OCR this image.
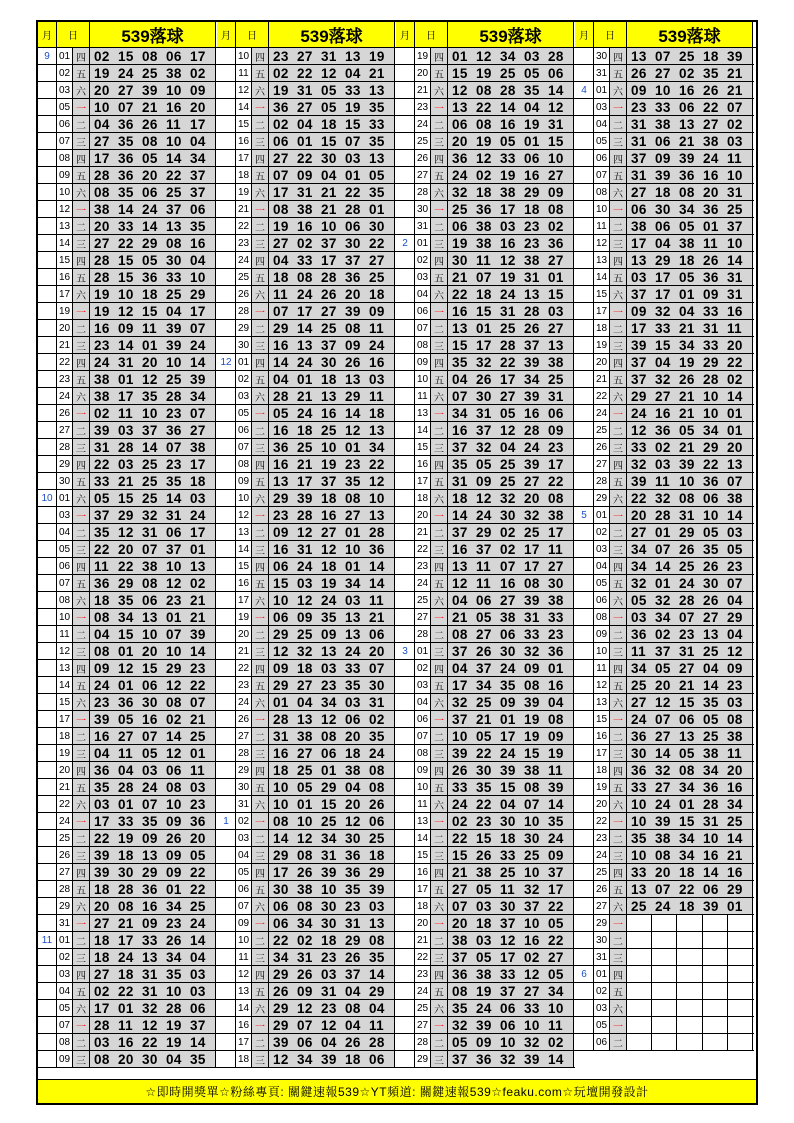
月	日	539落球	月	日	539落球	月	日	539落球	月	日	539落球
9 01 四 02 15 08 06 17
02 五 19 24 25 38 02
03 六 20 27 39 10 09
05 一 10 07 21 16 20
06 二 04 36 26 11 17
07 三 27 35 08 10 04
08 四 17 36 05 14 34
09 五 28 36 20 22 37
10 六 08 35 06 25 37
12 一 38 14 24 37 06
13 二 20 33 14 13 35
14 三 27 22 29 08 16
15 四 28 15 05 30 04
16 五 28 15 36 33 10
17 六 19 10 18 25 29
19 一 19 12 15 04 17
20 二 16 09 11 39 07
21 三 23 14 01 39 24
22 四 24 31 20 10 14
23 五 38 01 12 25 39
24 六 38 17 35 28 34
26 一 02 11 10 23 07
27 二 39 03 37 36 27
28 三 31 28 14 07 38
29 四 22 03 25 23 17
30 五 33 21 25 35 18
10 01 六 05 15 25 14 03
03 一 37 29 32 31 24
04 二 35 12 31 06 17
05 三 22 20 07 37 01
06 四 11 22 38 10 13
07 五 36 29 08 12 02
08 六 18 35 06 23 21
10 一 08 34 13 01 21
11 二 04 15 10 07 39
12 三 08 01 20 10 14
13 四 09 12 15 29 23
14 五 24 01 06 12 22
15 六 23 36 30 08 07
17 一 39 05 16 02 21
18 二 16 27 07 14 25
19 三 04 11 05 12 01
20 四 36 04 03 06 11
21 五 35 28 24 08 03
22 六 03 01 07 10 23
24 一 17 33 35 09 36
25 二 22 19 09 26 20
26 三 39 18 13 09 05
27 四 39 30 29 09 22
28 五 18 28 36 01 22
29 六 20 08 16 34 25
31 一 27 21 09 23 24
11 01 二 18 17 33 26 14
02 三 18 24 13 34 04
03 四 27 18 31 35 03
04 五 02 22 31 10 03
05 六 17 01 32 28 06
07 一 28 11 12 19 37
08 二 03 16 22 19 14
09 三 08 20 30 04 35
10 四 23 27 31 13 19
11 五 02 22 12 04 21
12 六 19 31 05 33 13
14 一 36 27 05 19 35
15 二 02 04 18 15 33
16 三 06 01 15 07 35
17 四 27 22 30 03 13
18 五 07 09 04 01 05
19 六 17 31 21 22 35
21 一 08 38 21 28 01
22 二 19 16 10 06 30
23 三 27 02 37 30 22
24 四 04 33 17 37 27
25 五 18 08 28 36 25
26 六 11 24 26 20 18
28 一 07 17 27 39 09
29 二 29 14 25 08 11
30 三 16 13 37 09 24
12 01 四 14 24 30 26 16
02 五 04 01 18 13 03
03 六 28 21 13 29 11
05 一 05 24 16 14 18
06 二 16 18 25 12 13
07 三 36 25 10 01 34
08 四 16 21 19 23 22
09 五 13 17 37 35 12
10 六 29 39 18 08 10
12 一 23 28 16 27 13
13 二 09 12 27 01 28
14 三 16 31 12 10 36
15 四 06 24 18 01 14
16 五 15 03 19 34 14
17 六 10 12 24 03 11
19 一 06 09 35 13 21
20 二 29 25 09 13 06
21 三 12 32 13 24 20
22 四 09 18 03 33 07
23 五 29 27 23 35 30
24 六 01 04 34 03 31
26 一 28 13 12 06 02
27 二 31 38 08 20 35
28 三 16 27 06 18 24
29 四 18 25 01 38 08
30 五 10 05 29 04 08
31 六 10 01 15 20 26
1 02 一 08 10 25 12 06
03 二 14 12 34 30 25
04 三 29 08 31 36 18
05 四 17 26 39 36 29
06 五 30 38 10 35 39
07 六 06 08 30 23 03
09 一 06 34 30 31 13
10 二 22 02 18 29 08
11 三 34 31 23 26 35
12 四 29 26 03 37 14
13 五 26 09 31 04 29
14 六 29 12 23 08 04
16 一 29 07 12 04 11
17 二 39 06 04 26 28
18 三 12 34 39 18 06
19 四 01 12 34 03 28
20 五 15 19 25 05 06
21 六 12 08 28 35 14
23 一 13 22 14 04 12
24 二 06 08 16 19 31
25 三 20 19 05 01 15
26 四 36 12 33 06 10
27 五 24 02 19 16 27
28 六 32 18 38 29 09
30 一 25 36 17 18 08
31 二 06 38 03 23 02
2 01 三 19 38 16 23 36
02 四 30 11 12 38 27
03 五 21 07 19 31 01
04 六 22 18 24 13 15
06 一 16 15 31 28 03
07 二 13 01 25 26 27
08 三 15 17 28 37 13
09 四 35 32 22 39 38
10 五 04 26 17 34 25
11 六 07 30 27 39 31
13 一 34 31 05 16 06
14 二 16 37 12 28 09
15 三 37 32 04 24 23
16 四 35 05 25 39 17
17 五 31 09 25 27 22
18 六 18 12 32 20 08
20 一 14 24 30 32 38
21 二 37 29 02 25 17
22 三 16 37 02 17 11
23 四 13 11 07 17 27
24 五 12 11 16 08 30
25 六 04 06 27 39 38
27 一 21 05 38 31 33
28 二 08 27 06 33 23
3 01 三 37 26 30 32 36
02 四 04 37 24 09 01
03 五 17 34 35 08 16
04 六 32 25 09 39 04
06 一 37 21 01 19 08
07 二 10 05 17 19 09
08 三 39 22 24 15 19
09 四 26 30 39 38 11
10 五 33 35 15 08 39
11 六 24 22 04 07 14
13 一 02 23 30 10 35
14 二 22 15 18 30 24
15 三 15 26 33 25 09
16 四 21 38 25 10 37
17 五 27 05 11 32 17
18 六 07 03 30 37 22
20 一 20 18 37 10 05
21 二 38 03 12 16 22
22 三 37 05 17 02 27
23 四 36 38 33 12 05
24 五 08 19 37 27 34
25 六 35 24 06 33 10
27 一 32 39 06 10 11
28 二 05 09 10 32 02
29 三 37 36 32 39 14
30 四 13 07 25 18 39
31 五 26 27 02 35 21
4 01 六 09 10 16 26 21
03 一 23 33 06 22 07
04 二 31 38 13 27 02
05 三 31 06 21 38 03
06 四 37 09 39 24 11
07 五 31 39 36 16 10
08 六 27 18 08 20 31
10 一 06 30 34 36 25
11 二 38 06 05 01 37
12 三 17 04 38 11 10
13 四 13 29 18 26 14
14 五 03 17 05 36 31
15 六 37 17 01 09 31
17 一 09 32 04 33 16
18 二 17 33 21 31 11
19 三 39 15 34 33 20
20 四 37 04 19 29 22
21 五 37 32 26 28 02
22 六 29 27 21 10 14
24 一 24 16 21 10 01
25 二 12 36 05 34 01
26 三 33 02 21 29 20
27 四 32 03 39 22 13
28 五 39 11 10 36 07
29 六 22 32 08 06 38
5 01 一 20 28 31 10 14
02 二 27 01 29 05 03
03 三 34 07 26 35 05
04 四 34 14 25 26 23
05 五 32 01 24 30 07
06 六 05 32 28 26 04
08 一 03 34 07 27 29
09 二 36 02 23 13 04
10 三 11 37 31 25 12
11 四 34 05 27 04 09
12 五 25 20 21 14 23
13 六 27 12 15 35 03
15 一 24 07 06 05 08
16 二 36 27 13 25 38
17 三 30 14 05 38 11
18 四 36 32 08 34 20
19 五 33 27 34 36 16
20 六 10 24 01 28 34
22 一 10 39 15 31 25
23 二 35 38 34 10 14
24 三 10 08 34 16 21
25 四 33 20 18 14 16
26 五 13 07 22 06 29
27 六 25 24 18 39 01
29 一
30 二
31 三
6 01 四
02 五
03 六
05 一
06 二
☆即時開獎單☆粉絲專頁: 關鍵速報539☆YT頻道: 關鍵速報539☆feaku.com☆玩壇開發設計
